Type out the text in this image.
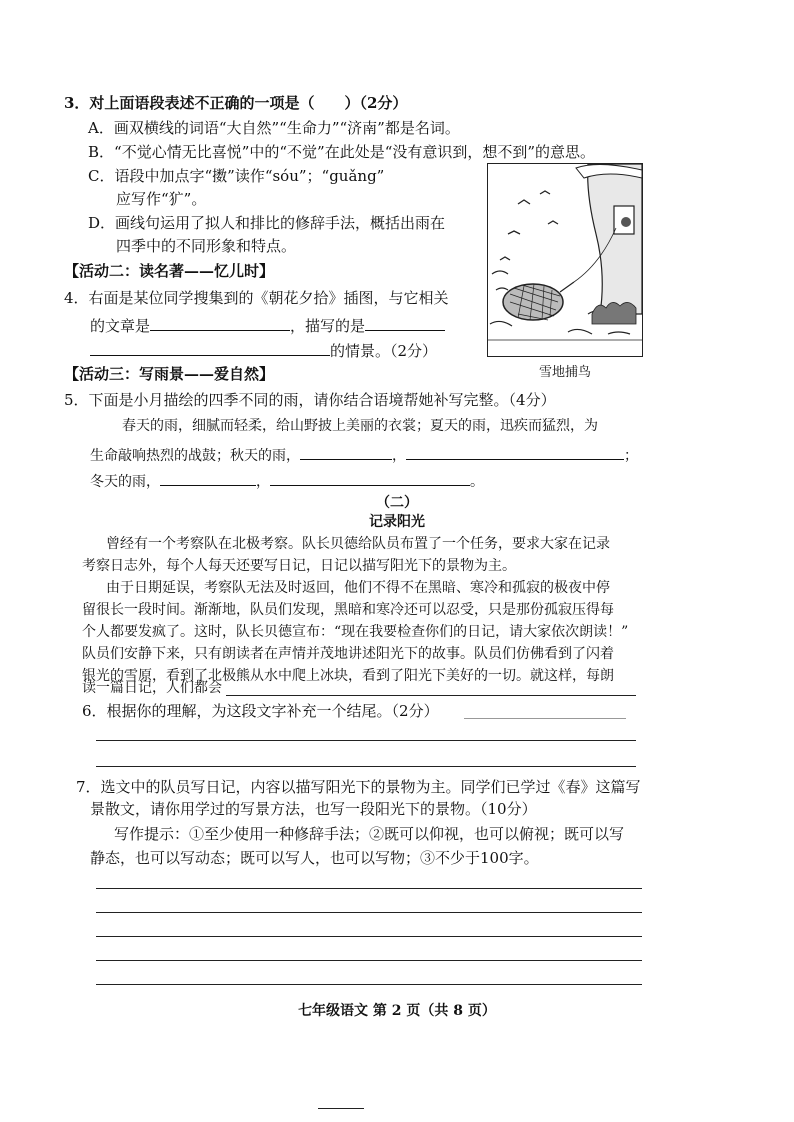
3．对上面语段表述不正确的一项是（　　）（2分）
A．画双横线的词语“大自然”“生命力”“济南”都是名词。
B．“不觉心情无比喜悦”中的“不觉”在此处是“没有意识到，想不到”的意思。
C．语段中加点字“擞”读作“sóu”；“guǎng”
应写作“犷”。
D．画线句运用了拟人和排比的修辞手法，概括出雨在
四季中的不同形象和特点。
【活动二：读名著——忆儿时】
4．右面是某位同学搜集到的《朝花夕拾》插图，与它相关
的文章是	，描写的是
的情景。（2分）
雪地捕鸟
【活动三：写雨景——爱自然】
5．下面是小月描绘的四季不同的雨，请你结合语境帮她补写完整。（4分）
春天的雨，细腻而轻柔，给山野披上美丽的衣裳；夏天的雨，迅疾而猛烈，为
生命敲响热烈的战鼓；秋天的雨，	，	；
冬天的雨，	，	。
（二）
记录阳光
曾经有一个考察队在北极考察。队长贝德给队员布置了一个任务，要求大家在记录
考察日志外，每个人每天还要写日记，日记以描写阳光下的景物为主。
由于日期延误，考察队无法及时返回，他们不得不在黑暗、寒冷和孤寂的极夜中停
留很长一段时间。渐渐地，队员们发现，黑暗和寒冷还可以忍受，只是那份孤寂压得每
个人都要发疯了。这时，队长贝德宣布：“现在我要检查你们的日记，请大家依次朗读！”
队员们安静下来，只有朗读者在声情并茂地讲述阳光下的故事。队员们仿佛看到了闪着
银光的雪原，看到了北极熊从水中爬上冰块，看到了阳光下美好的一切。就这样，每朗
读一篇日记，人们都会
6．根据你的理解，为这段文字补充一个结尾。（2分）
7．选文中的队员写日记，内容以描写阳光下的景物为主。同学们已学过《春》这篇写
景散文，请你用学过的写景方法，也写一段阳光下的景物。（10分）
写作提示：①至少使用一种修辞手法；②既可以仰视，也可以俯视；既可以写
静态，也可以写动态；既可以写人，也可以写物；③不少于100字。
七年级语文 第 2 页（共 8 页）
